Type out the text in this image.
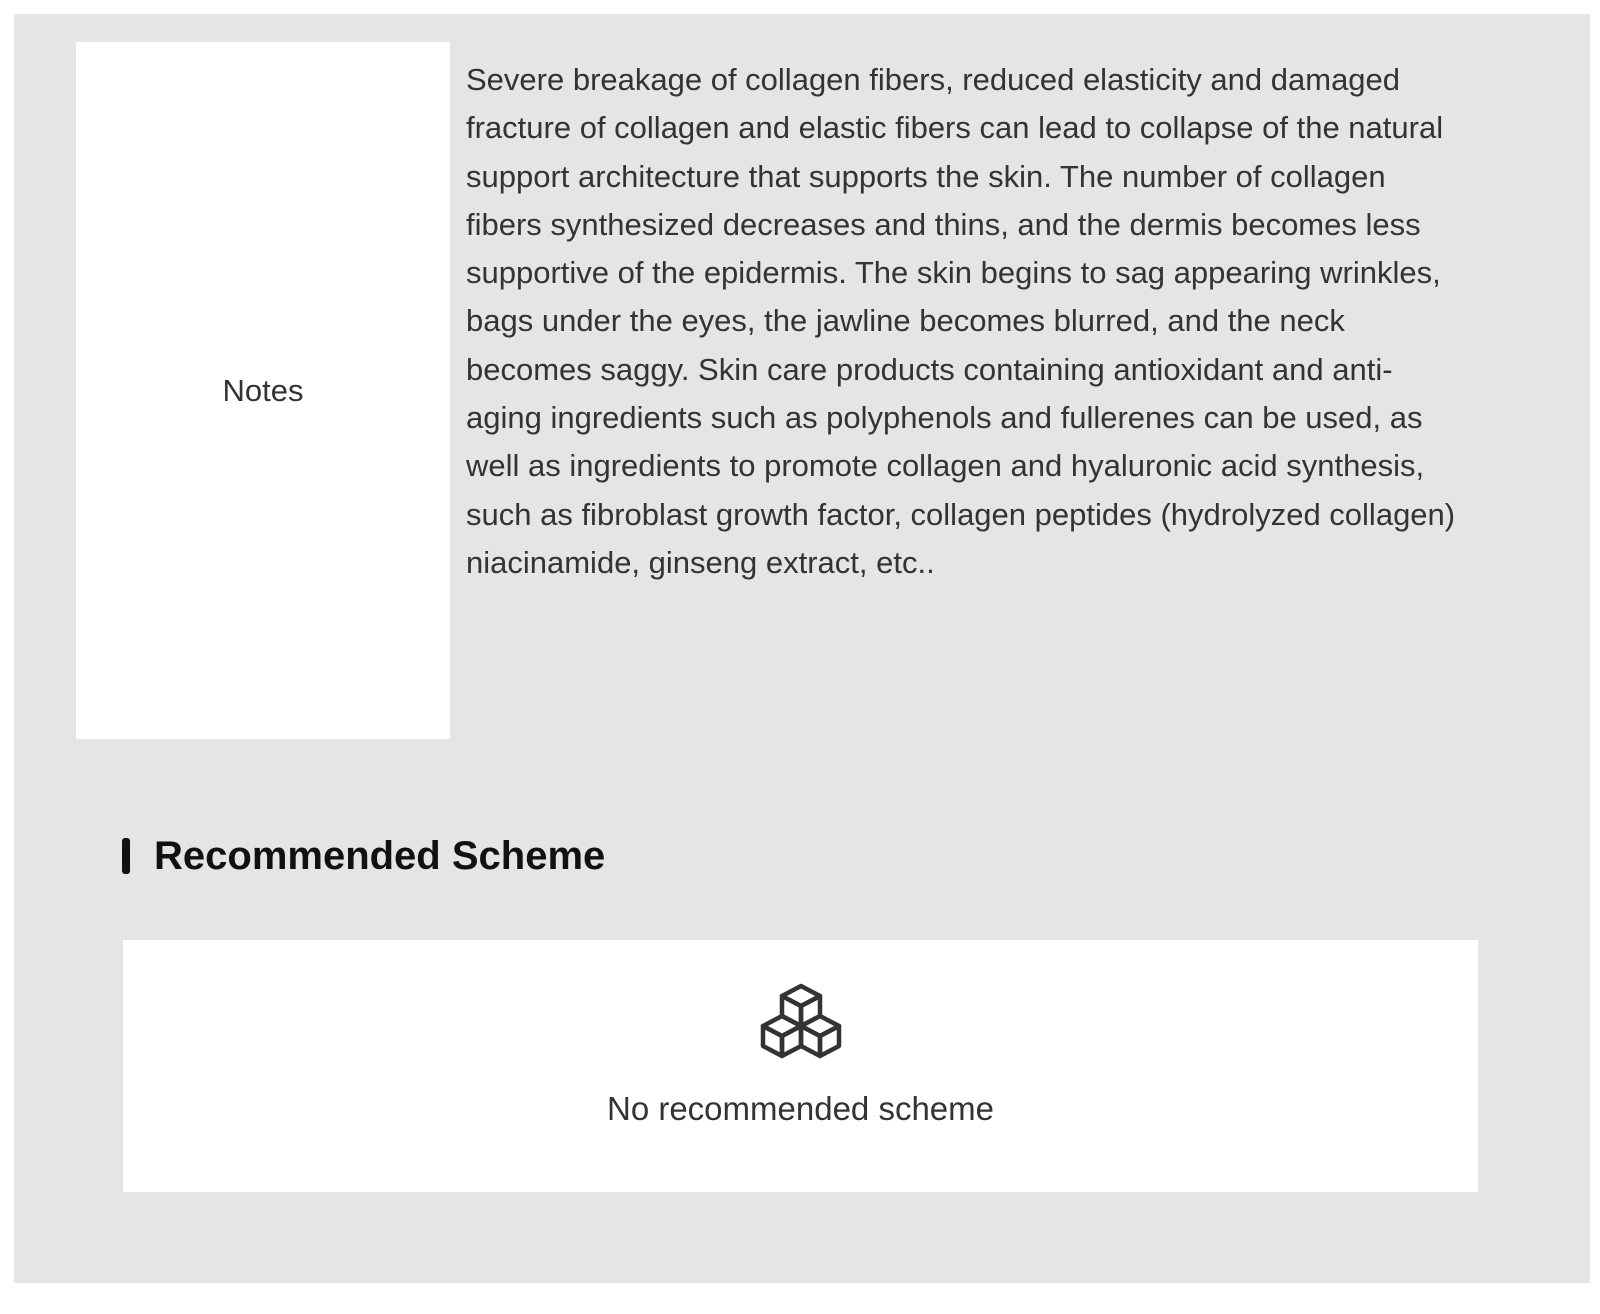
Notes

Severe breakage of collagen fibers, reduced elasticity and damaged fracture of collagen and elastic fibers can lead to collapse of the natural support architecture that supports the skin. The number of collagen fibers synthesized decreases and thins, and the dermis becomes less supportive of the epidermis. The skin begins to sag appearing wrinkles, bags under the eyes, the jawline becomes blurred, and the neck becomes saggy. Skin care products containing antioxidant and anti-aging ingredients such as polyphenols and fullerenes can be used, as well as ingredients to promote collagen and hyaluronic acid synthesis, such as fibroblast growth factor, collagen peptides (hydrolyzed collagen) niacinamide, ginseng extract, etc..

Recommended Scheme
No recommended scheme
